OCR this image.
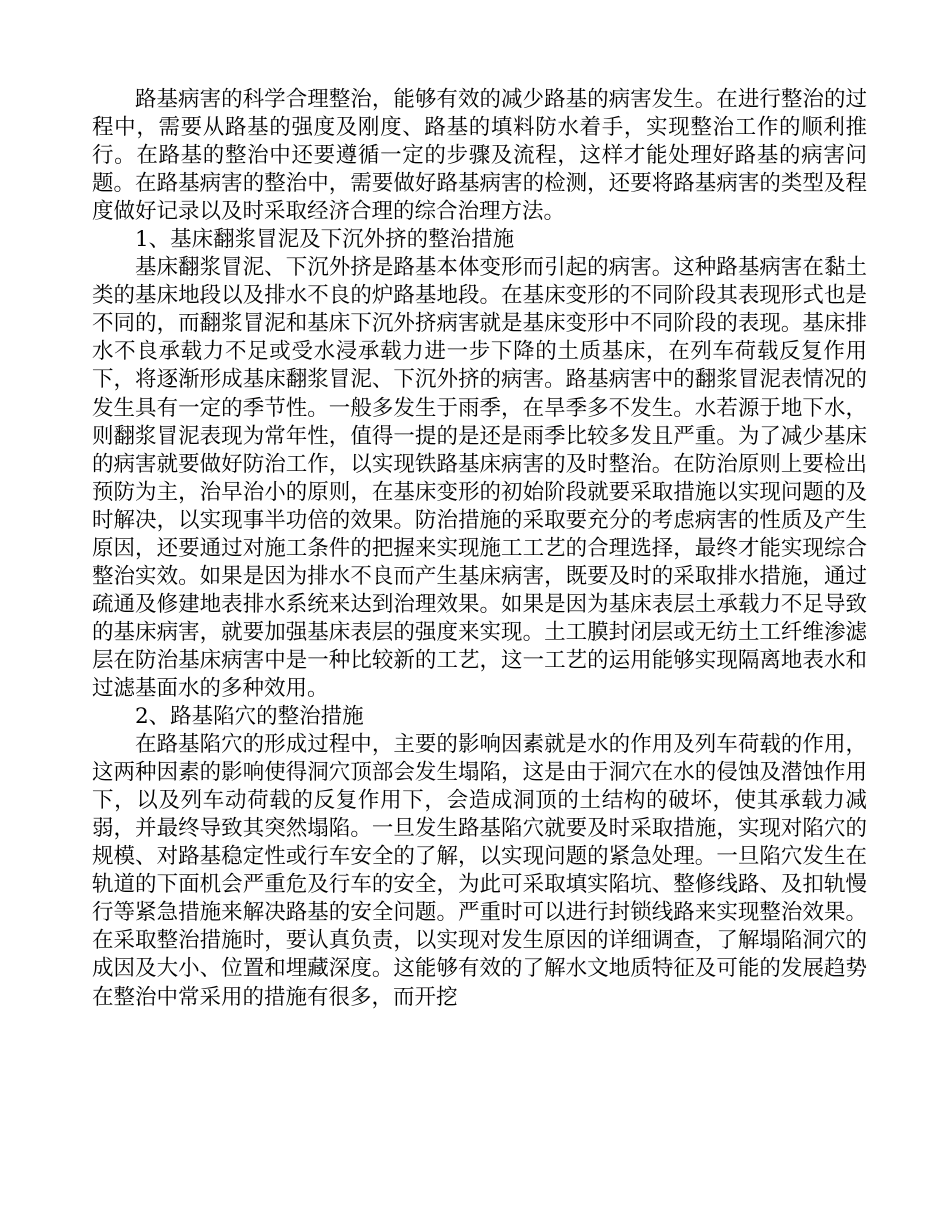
路基病害的科学合理整治，能够有效的减少路基的病害发生。在进行整治的过程中，需要从路基的强度及刚度、路基的填料防水着手，实现整治工作的顺利推行。在路基的整治中还要遵循一定的步骤及流程，这样才能处理好路基的病害问题。在路基病害的整治中，需要做好路基病害的检测，还要将路基病害的类型及程度做好记录以及时采取经济合理的综合治理方法。

1、基床翻浆冒泥及下沉外挤的整治措施

基床翻浆冒泥、下沉外挤是路基本体变形而引起的病害。这种路基病害在黏土类的基床地段以及排水不良的炉路基地段。在基床变形的不同阶段其表现形式也是不同的，而翻浆冒泥和基床下沉外挤病害就是基床变形中不同阶段的表现。基床排水不良承载力不足或受水浸承载力进一步下降的土质基床，在列车荷载反复作用下，将逐渐形成基床翻浆冒泥、下沉外挤的病害。路基病害中的翻浆冒泥表情况的发生具有一定的季节性。一般多发生于雨季，在旱季多不发生。水若源于地下水，则翻浆冒泥表现为常年性，值得一提的是还是雨季比较多发且严重。为了减少基床的病害就要做好防治工作，以实现铁路基床病害的及时整治。在防治原则上要检出预防为主，治早治小的原则，在基床变形的初始阶段就要采取措施以实现问题的及时解决，以实现事半功倍的效果。防治措施的采取要充分的考虑病害的性质及产生原因，还要通过对施工条件的把握来实现施工工艺的合理选择，最终才能实现综合整治实效。如果是因为排水不良而产生基床病害，既要及时的采取排水措施，通过疏通及修建地表排水系统来达到治理效果。如果是因为基床表层土承载力不足导致的基床病害，就要加强基床表层的强度来实现。土工膜封闭层或无纺土工纤维渗滤层在防治基床病害中是一种比较新的工艺，这一工艺的运用能够实现隔离地表水和过滤基面水的多种效用。

2、路基陷穴的整治措施

在路基陷穴的形成过程中，主要的影响因素就是水的作用及列车荷载的作用，这两种因素的影响使得洞穴顶部会发生塌陷，这是由于洞穴在水的侵蚀及潜蚀作用下，以及列车动荷载的反复作用下，会造成洞顶的土结构的破坏，使其承载力减弱，并最终导致其突然塌陷。一旦发生路基陷穴就要及时采取措施，实现对陷穴的规模、对路基稳定性或行车安全的了解，以实现问题的紧急处理。一旦陷穴发生在轨道的下面机会严重危及行车的安全，为此可采取填实陷坑、整修线路、及扣轨慢行等紧急措施来解决路基的安全问题。严重时可以进行封锁线路来实现整治效果。在采取整治措施时，要认真负责，以实现对发生原因的详细调查，了解塌陷洞穴的成因及大小、位置和埋藏深度。这能够有效的了解水文地质特征及可能的发展趋势在整治中常采用的措施有很多，而开挖
